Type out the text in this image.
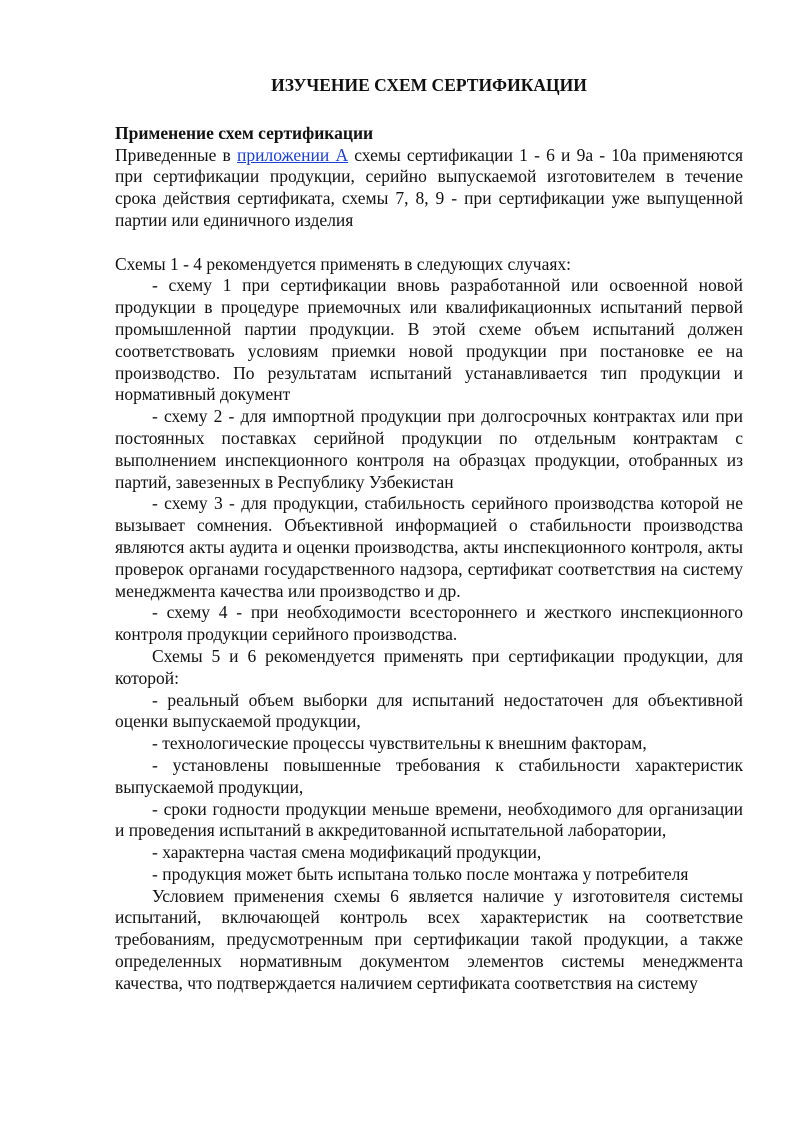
ИЗУЧЕНИЕ СХЕМ СЕРТИФИКАЦИИ
Применение схем сертификации

Приведенные в приложении А схемы сертификации 1 - 6 и 9а - 10а применяются при сертификации продукции, серийно выпускаемой изготовителем в течение срока действия сертификата, схемы 7, 8, 9 - при сертификации уже выпущенной партии или единичного изделия

Схемы 1 - 4 рекомендуется применять в следующих случаях:

- схему 1 при сертификации вновь разработанной или освоенной новой продукции в процедуре приемочных или квалификационных испытаний первой промышленной партии продукции. В этой схеме объем испытаний должен соответствовать условиям приемки новой продукции при постановке ее на производство. По результатам испытаний устанавливается тип продукции и нормативный документ

- схему 2 - для импортной продукции при долгосрочных контрактах или при постоянных поставках серийной продукции по отдельным контрактам с выполнением инспекционного контроля на образцах продукции, отобранных из партий, завезенных в Республику Узбекистан

- схему 3 - для продукции, стабильность серийного производства которой не вызывает сомнения. Объективной информацией о стабильности производства являются акты аудита и оценки производства, акты инспекционного контроля, акты проверок органами государственного надзора, сертификат соответствия на систему менеджмента качества или производство и др.

- схему 4 - при необходимости всестороннего и жесткого инспекционного контроля продукции серийного производства.

Схемы 5 и 6 рекомендуется применять при сертификации продукции, для которой:

- реальный объем выборки для испытаний недостаточен для объективной оценки выпускаемой продукции,

- технологические процессы чувствительны к внешним факторам,

- установлены повышенные требования к стабильности характеристик выпускаемой продукции,

- сроки годности продукции меньше времени, необходимого для организации и проведения испытаний в аккредитованной испытательной лаборатории,

- характерна частая смена модификаций продукции,

- продукция может быть испытана только после монтажа у потребителя

Условием применения схемы 6 является наличие у изготовителя системы испытаний, включающей контроль всех характеристик на соответствие требованиям, предусмотренным при сертификации такой продукции, а также определенных нормативным документом элементов системы менеджмента качества, что подтверждается наличием сертификата соответствия на систему
